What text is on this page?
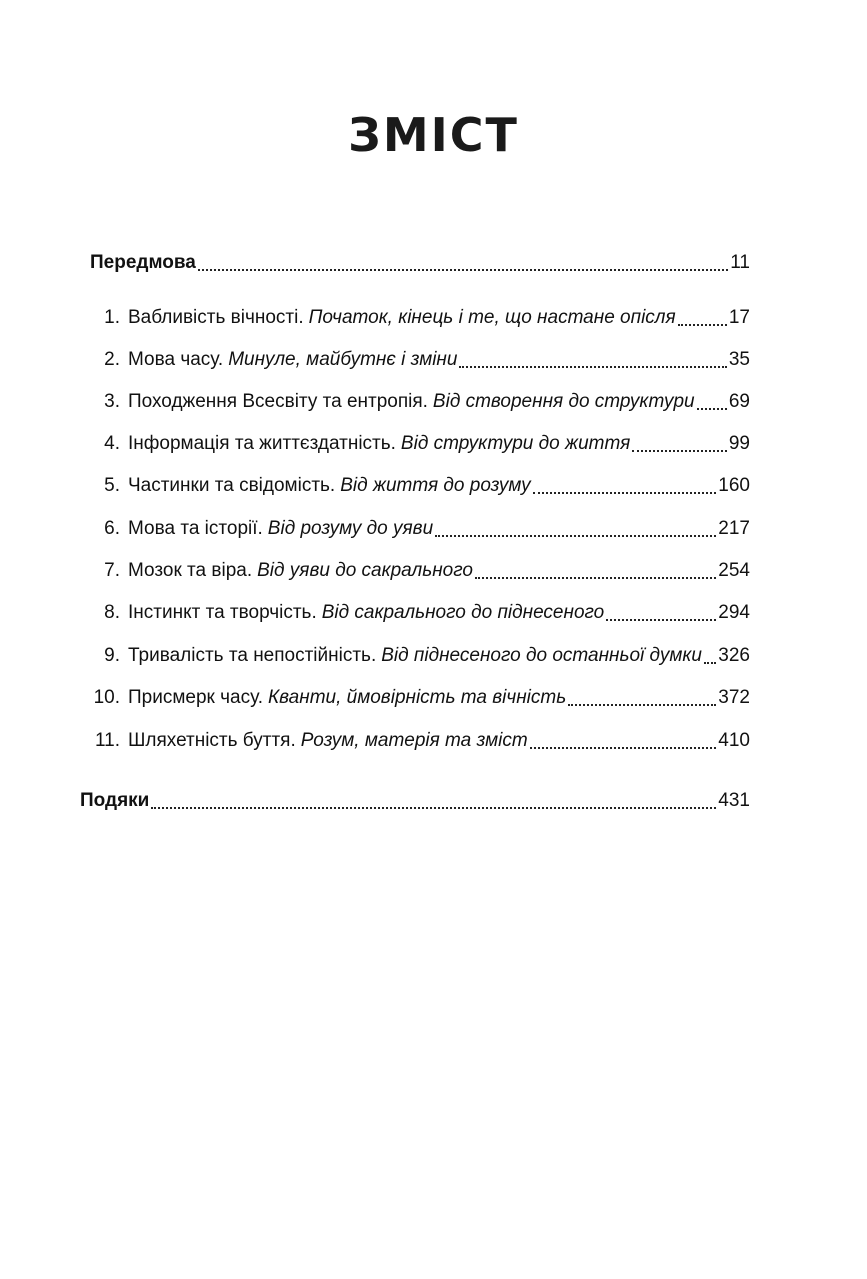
ЗМІСТ
Передмова	11
1. Вабливість вічності. Початок, кінець і те, що настане опісля	17
2. Мова часу. Минуле, майбутнє і зміни	35
3. Походження Всесвіту та ентропія. Від створення до структури 69
4. Інформація та життєздатність. Від структури до життя	99
5. Частинки та свідомість. Від життя до розуму	160
6. Мова та історії. Від розуму до уяви	217
7. Мозок та віра. Від уяви до сакрального	254
8. Інстинкт та творчість. Від сакрального до піднесеного	294
9. Тривалість та непостійність. Від піднесеного до останньої думки 326
10. Присмерк часу. Кванти, ймовірність та вічність	372
11. Шляхетність буття. Розум, матерія та зміст	410
Подяки	431
